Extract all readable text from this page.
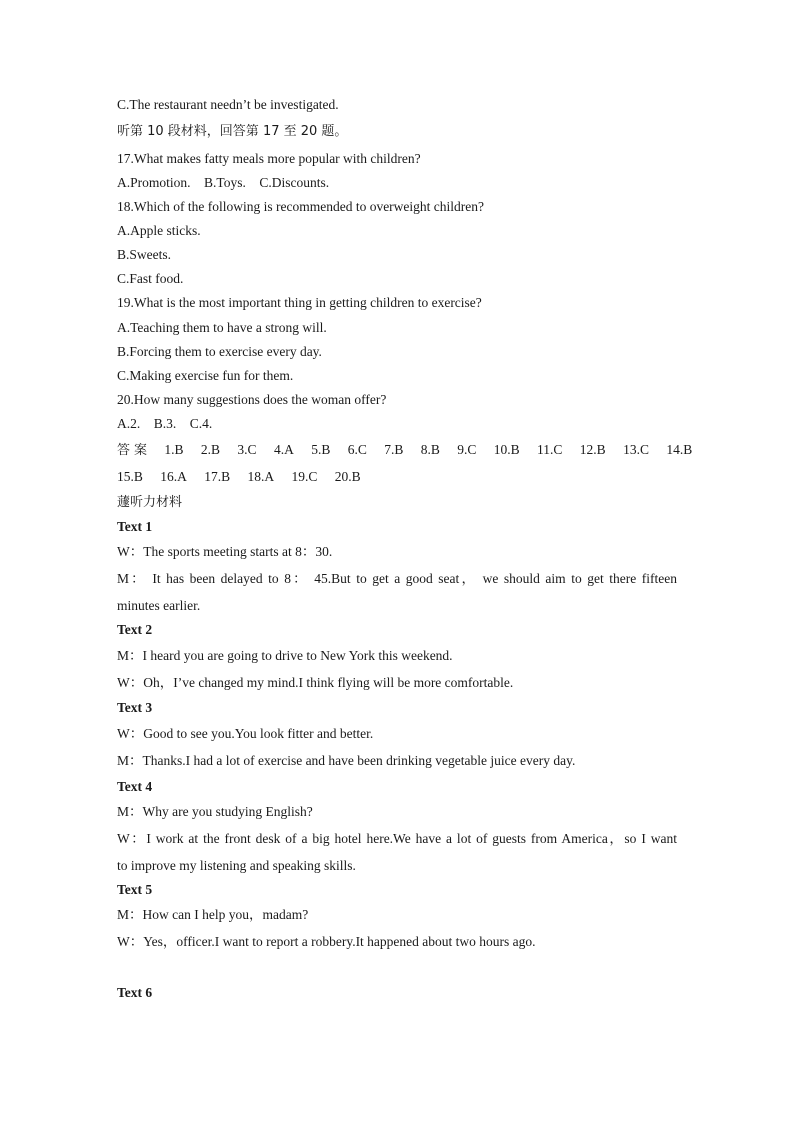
C.The restaurant needn’t be investigated.
听第 10 段材料，回答第 17 至 20 题。
17.What makes fatty meals more popular with children?
A.Promotion.    B.Toys.    C.Discounts.
18.Which of the following is recommended to overweight children?
A.Apple sticks.
B.Sweets.
C.Fast food.
19.What is the most important thing in getting children to exercise?
A.Teaching them to have a strong will.
B.Forcing them to exercise every day.
C.Making exercise fun for them.
20.How many suggestions does the woman offer?
A.2.    B.3.    C.4.
答案 1.B 2.B 3.C 4.A 5.B 6.C 7.B 8.B 9.C 10.B 11.C 12.B 13.C 14.B
15.B 16.A 17.B 18.A 19.C 20.B
蘧听力材料
Text 1
W：The sports meeting starts at 8：30.
M： It has been delayed to 8： 45.But to get a good seat， we should aim to get there fifteen
minutes earlier.
Text 2
M：I heard you are going to drive to New York this weekend.
W：Oh，I’ve changed my mind.I think flying will be more comfortable.
Text 3
W：Good to see you.You look fitter and better.
M：Thanks.I had a lot of exercise and have been drinking vegetable juice every day.
Text 4
M：Why are you studying English?
W：I work at the front desk of a big hotel here.We have a lot of guests from America，so I want
to improve my listening and speaking skills.
Text 5
M：How can I help you，madam?
W：Yes，officer.I want to report a robbery.It happened about two hours ago.
Text 6
